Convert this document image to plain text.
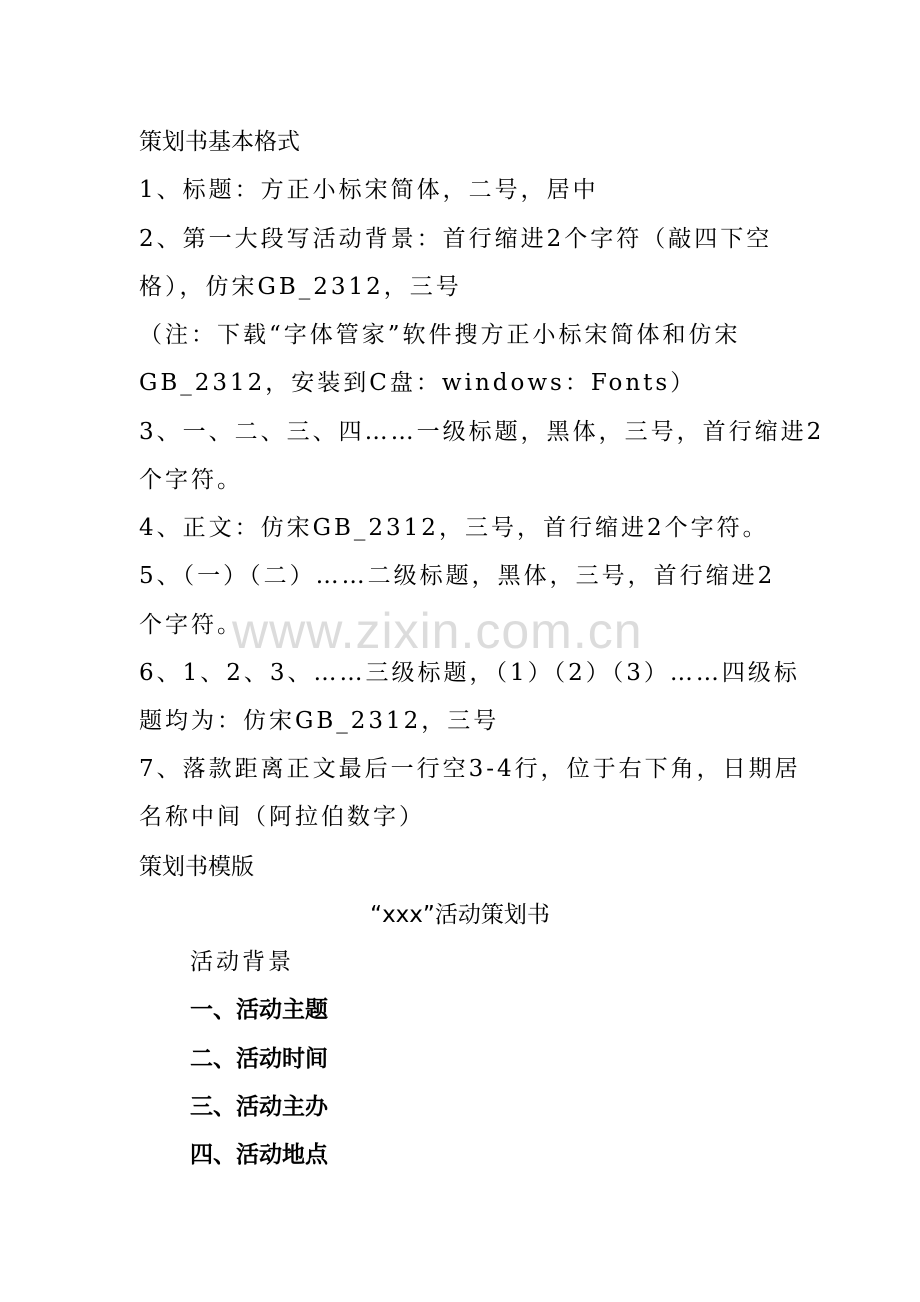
www.zixin.com.cn
策划书基本格式
1、标题：方正小标宋简体，二号，居中
2、第一大段写活动背景：首行缩进2个字符（敲四下空
格），仿宋GB_2312，三号
（注：下载“字体管家”软件搜方正小标宋简体和仿宋
GB_2312，安装到C盘：windows：Fonts）
3、一、二、三、四……一级标题，黑体，三号，首行缩进2
个字符。
4、正文：仿宋GB_2312，三号，首行缩进2个字符。
5、（一）（二）……二级标题，黑体，三号，首行缩进2
个字符。
6、1、2、3、……三级标题，（1）（2）（3）……四级标
题均为：仿宋GB_2312，三号
7、落款距离正文最后一行空3-4行，位于右下角，日期居
名称中间（阿拉伯数字）
策划书模版
“xxx”活动策划书
活动背景
一、活动主题
二、活动时间
三、活动主办
四、活动地点
